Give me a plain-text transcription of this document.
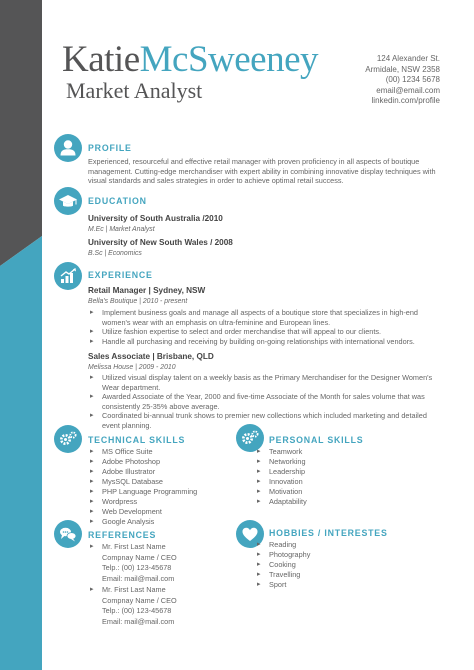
KatieMcSweeney
Market Analyst
124 Alexander St.
Armidale, NSW 2358
(00) 1234 5678
email@email.com
linkedin.com/profile
PROFILE
Experienced, resourceful and effective retail manager with proven proficiency in all aspects of boutique management. Cutting-edge merchandiser with expert ability in combining innovative display techniques with visual standards and sales strategies in order to achieve optimal retail success.
EDUCATION
University of South Australia /2010
M.Ec | Market Analyst
University of New South Wales / 2008
B.Sc | Economics
EXPERIENCE
Retail Manager | Sydney, NSW
Bella's Boutique | 2010 - present
▸ Implement business goals and manage all aspects of a boutique store that specializes in high-end women's wear with an emphasis on ultra-feminine and European lines.
▸ Utilize fashion expertise to select and order merchandise that will appeal to our clients.
▸ Handle all purchasing and receiving by building on-going relationships with international vendors.
Sales Associate | Brisbane, QLD
Melissa House | 2009 - 2010
▸ Utilized visual display talent on a weekly basis as the Primary Merchandiser for the Designer Women's Wear department.
▸ Awarded Associate of the Year, 2000 and five-time Associate of the Month for sales volume that was consistently 25-35% above average.
▸ Coordinated bi-annual trunk shows to premier new collections which included marketing and detailed event planning.
TECHNICAL SKILLS
▸ MS Office Suite
▸ Adobe Photoshop
▸ Adobe Illustrator
▸ MysSQL Database
▸ PHP Language Programming
▸ Wordpress
▸ Web Development
▸ Google Analysis
PERSONAL SKILLS
▸ Teamwork
▸ Networking
▸ Leadership
▸ Innovation
▸ Motivation
▸ Adaptability
REFERENCES
▸ Mr. First Last Name
Compnay Name / CEO
Telp.: (00) 123-45678
Email: mail@mail.com
▸ Mr. First Last Name
Compnay Name / CEO
Telp.: (00) 123-45678
Email: mail@mail.com
HOBBIES / INTERESTES
▸ Reading
▸ Photography
▸ Cooking
▸ Travelling
▸ Sport
